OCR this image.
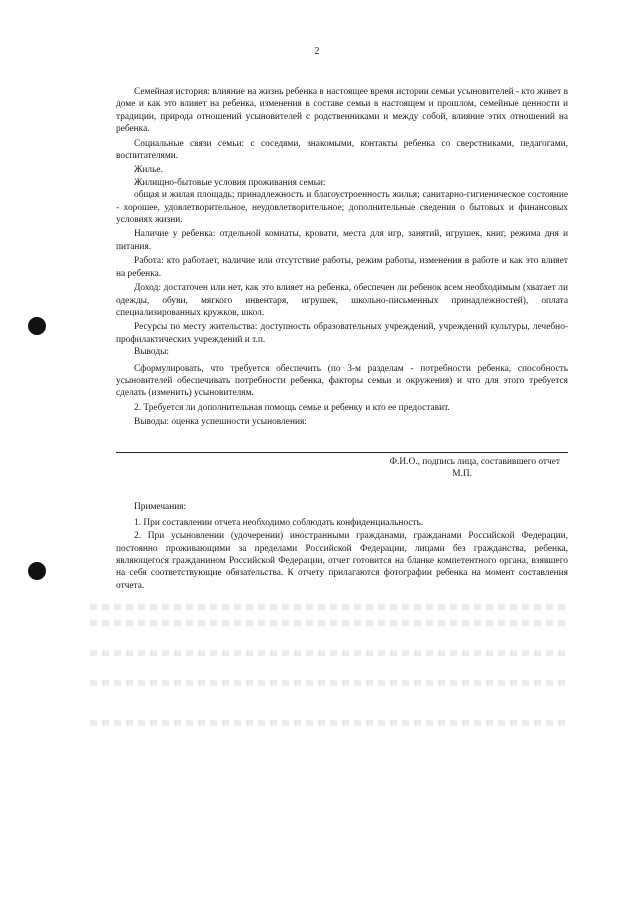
2

Семейная история: влияние на жизнь ребенка в настоящее время истории семьи усыновителей - кто живет в доме и как это влияет на ребенка, изменения в составе семьи в настоящем и прошлом, семейные ценности и традиции, природа отношений усыновителей с родственниками и между собой, влияние этих отношений на ребенка.

Социальные связи семьи: с соседями, знакомыми, контакты ребенка со сверстниками, педагогами, воспитателями.

Жилье.

Жилищно-бытовые условия проживания семьи:

общая и жилая площадь; принадлежность и благоустроенность жилья; санитарно-гигиеническое состояние - хорошее, удовлетворительное, неудовлетворительное; дополнительные сведения о бытовых и финансовых условиях жизни.

Наличие у ребенка: отдельной комнаты, кровати, места для игр, занятий, игрушек, книг, режима дня и питания.

Работа: кто работает, наличие или отсутствие работы, режим работы, изменения в работе и как это влияет на ребенка.

Доход: достаточен или нет, как это влияет на ребенка, обеспечен ли ребенок всем необходимым (хватает ли одежды, обуви, мягкого инвентаря, игрушек, школьно-письменных принадлежностей), оплата специализированных кружков, школ.

Ресурсы по месту жительства: доступность образовательных учреждений, учреждений культуры, лечебно-профилактических учреждений и т.п.

Выводы:

Сформулировать, что требуется обеспечить (по 3-м разделам - потребности ребенка, способность усыновителей обеспечивать потребности ребенка, факторы семьи и окружения) и что для этого требуется сделать (изменить) усыновителям.

2. Требуется ли дополнительная помощь семье и ребенку и кто ее предоставит.

Выводы: оценка успешности усыновления:

Ф.И.О., подпись лица, составившего отчет

М.П.

Примечания:

1. При составлении отчета необходимо соблюдать конфиденциальность.

2. При усыновлении (удочерении) иностранными гражданами, гражданами Российской Федерации, постоянно проживающими за пределами Российской Федерации, лицами без гражданства, ребенка, являющегося гражданином Российской Федерации, отчет готовится на бланке компетентного органа, взявшего на себя соответствующие обязательства. К отчету прилагаются фотографии ребенка на момент составления отчета.
